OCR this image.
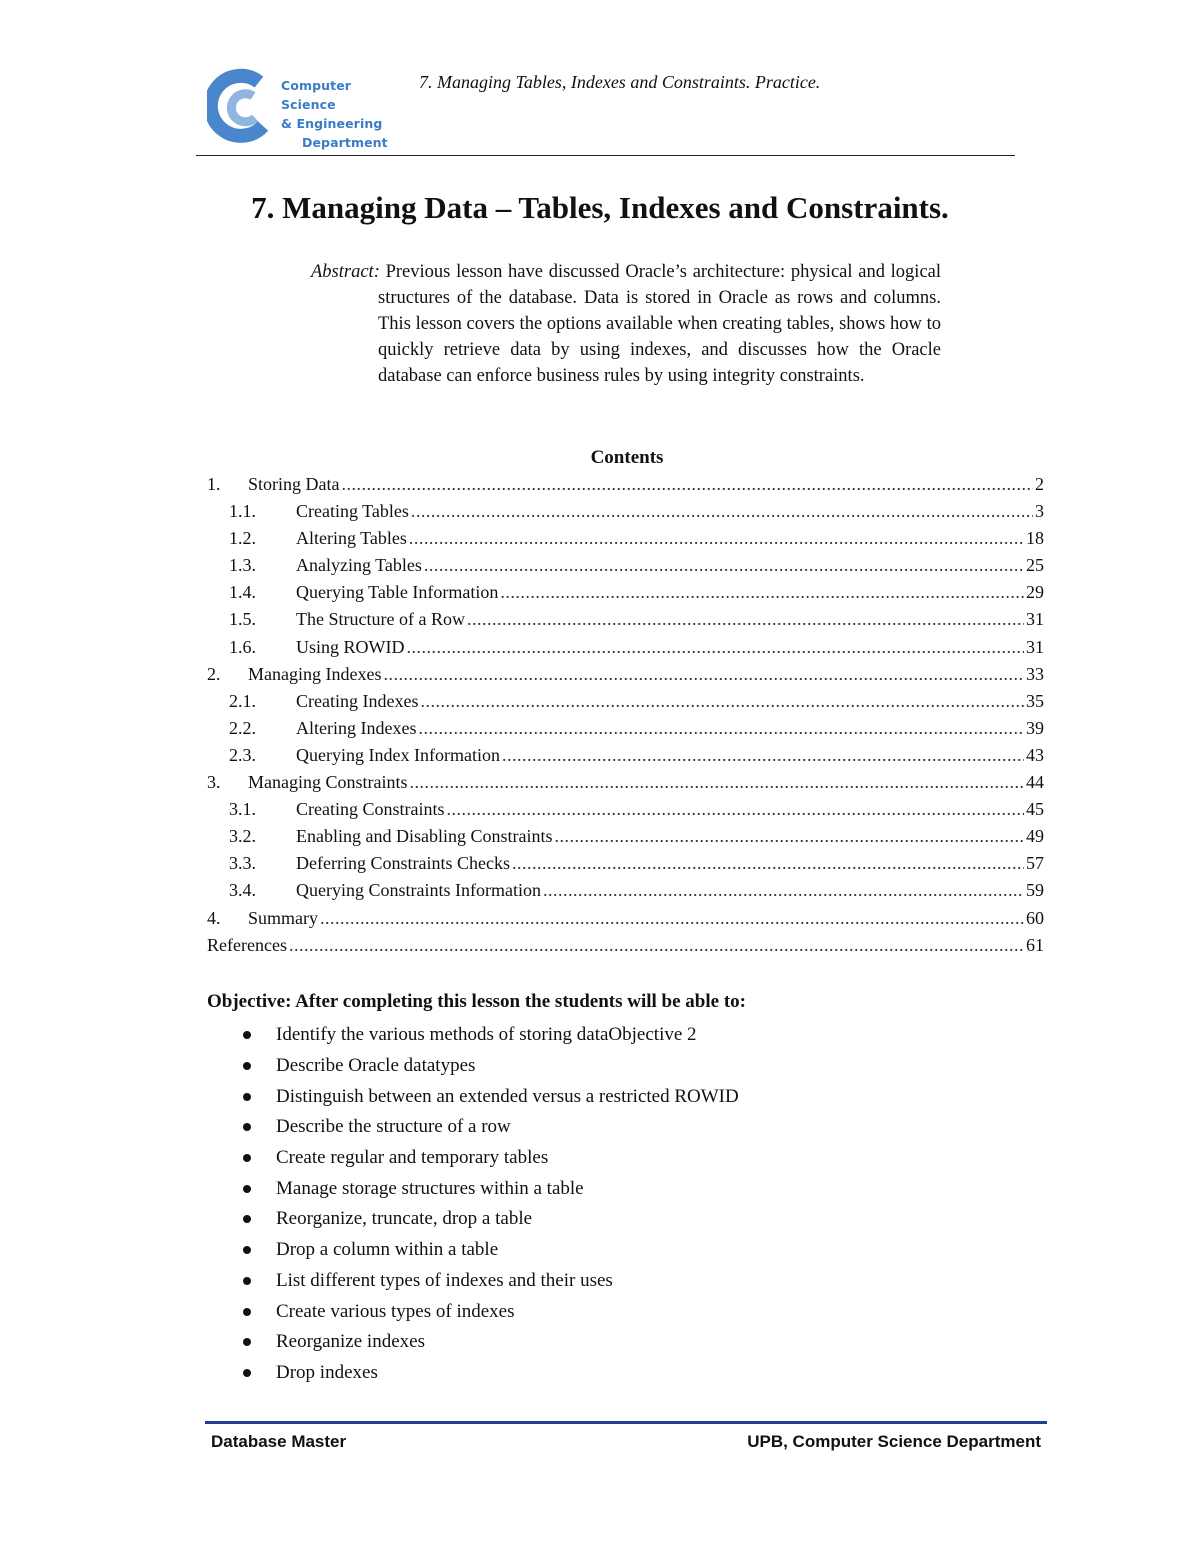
Computer Science
& Engineering
Department
7. Managing Tables, Indexes and Constraints. Practice.
7. Managing Data – Tables, Indexes and Constraints.

Abstract: Previous lesson have discussed Oracle’s architecture: physical and logical structures of the database. Data is stored in Oracle as rows and columns. This lesson covers the options available when creating tables, shows how to quickly retrieve data by using indexes, and discusses how the Oracle database can enforce business rules by using integrity constraints.

Contents
1.	Storing Data .....	2
1.1.	Creating Tables .....	3
1.2.	Altering Tables .....	18
1.3.	Analyzing Tables .....	25
1.4.	Querying Table Information .....	29
1.5.	The Structure of a Row .....	31
1.6.	Using ROWID .....	31
2.	Managing Indexes .....	33
2.1.	Creating Indexes .....	35
2.2.	Altering Indexes .....	39
2.3.	Querying Index Information .....	43
3.	Managing Constraints .....	44
3.1.	Creating Constraints .....	45
3.2.	Enabling and Disabling Constraints .....	49
3.3.	Deferring Constraints Checks .....	57
3.4.	Querying Constraints Information .....	59
4.	Summary .....	60
References .....	61
Objective: After completing this lesson the students will be able to:
Identify the various methods of storing dataObjective 2
Describe Oracle datatypes
Distinguish between an extended versus a restricted ROWID
Describe the structure of a row
Create regular and temporary tables
Manage storage structures within a table
Reorganize, truncate, drop a table
Drop a column within a table
List different types of indexes and their uses
Create various types of indexes
Reorganize indexes
Drop indexes
Database Master	UPB, Computer Science Department
